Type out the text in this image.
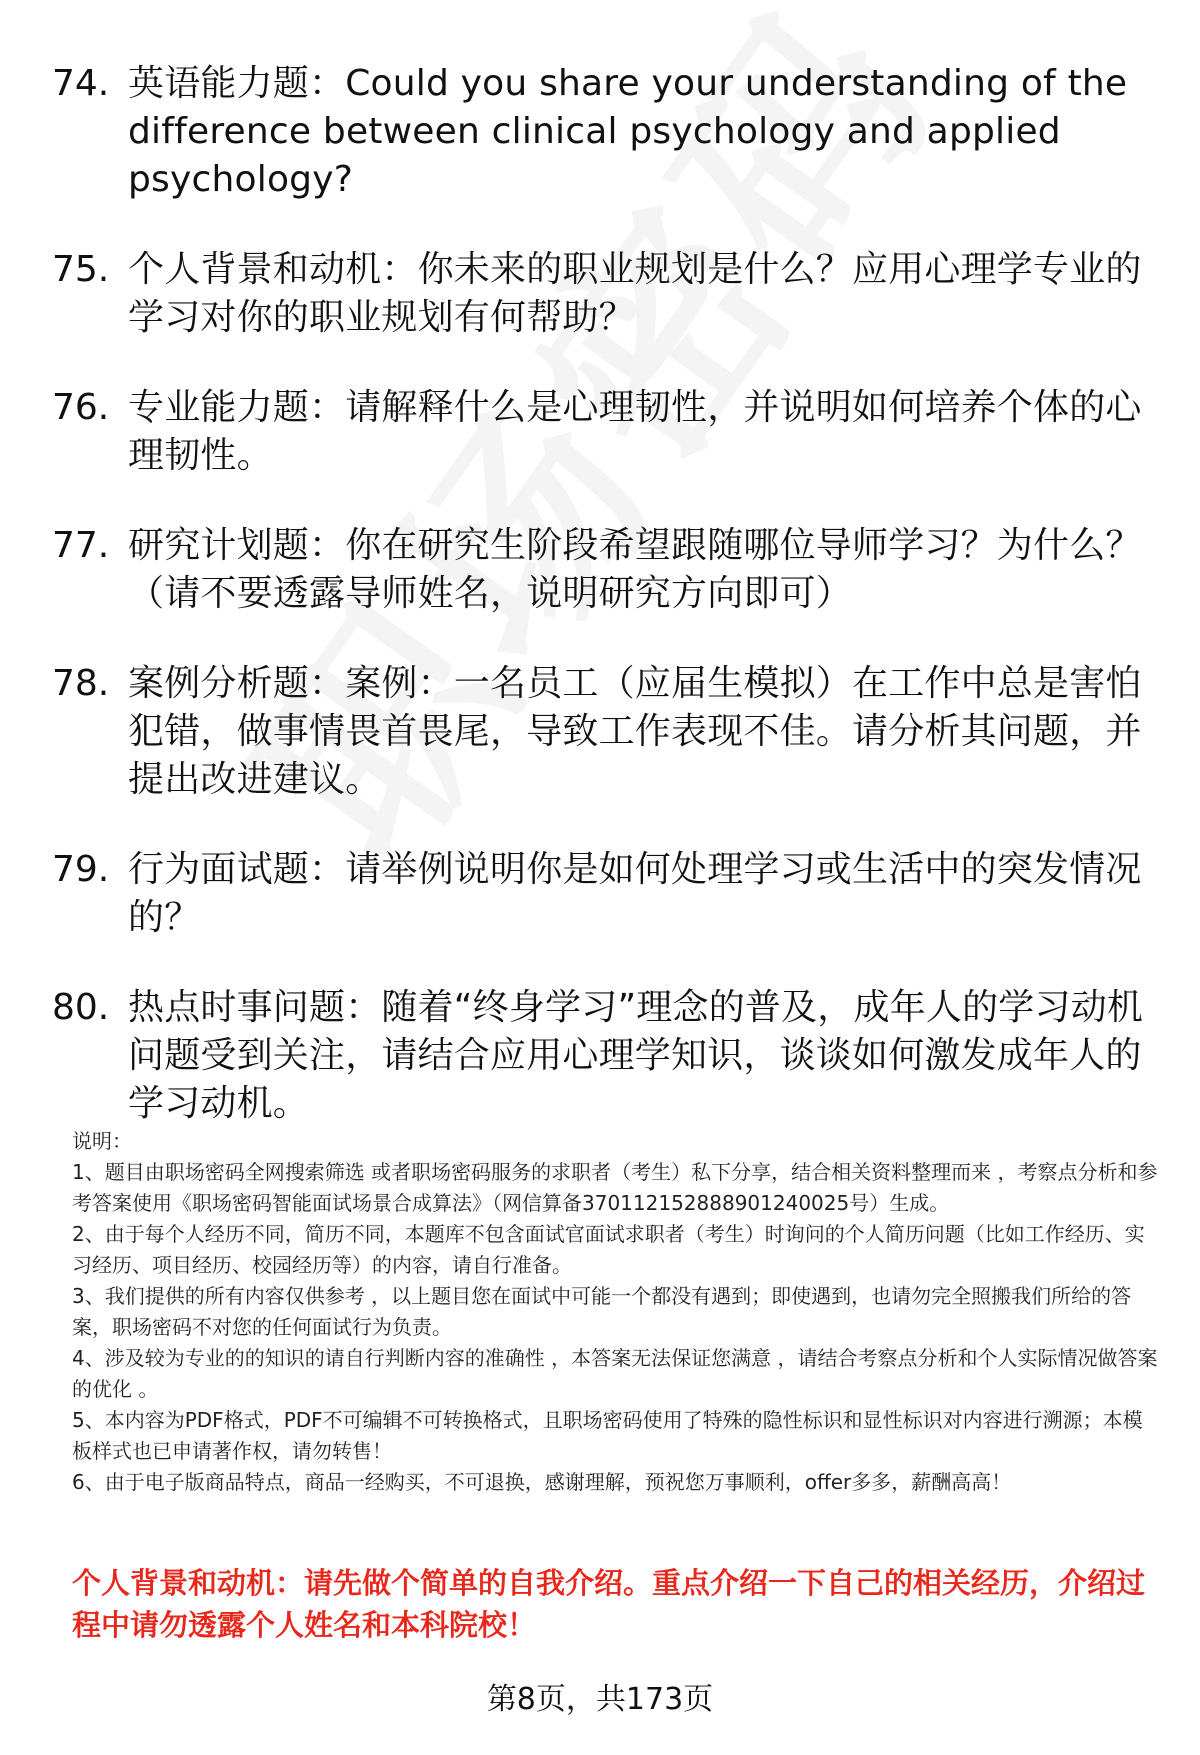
74. 英语能力题：Could you share your understanding of the difference between clinical psychology and applied psychology?
75. 个人背景和动机：你未来的职业规划是什么？应用心理学专业的学习对你的职业规划有何帮助？
76. 专业能力题：请解释什么是心理韧性，并说明如何培养个体的心理韧性。
77. 研究计划题：你在研究生阶段希望跟随哪位导师学习？为什么？（请不要透露导师姓名，说明研究方向即可）
78. 案例分析题：案例：一名员工（应届生模拟）在工作中总是害怕犯错，做事情畏首畏尾，导致工作表现不佳。请分析其问题，并提出改进建议。
79. 行为面试题：请举例说明你是如何处理学习或生活中的突发情况的？
80. 热点时事问题：随着“终身学习”理念的普及，成年人的学习动机问题受到关注，请结合应用心理学知识，谈谈如何激发成年人的学习动机。

说明：

1、题目由职场密码全网搜索筛选 或者职场密码服务的求职者（考生）私下分享，结合相关资料整理而来 ，考察点分析和参考答案使用《职场密码智能面试场景合成算法》（网信算备370112152888901240025号）生成。

2、由于每个人经历不同，简历不同，本题库不包含面试官面试求职者（考生）时询问的个人简历问题（比如工作经历、实习经历、项目经历、校园经历等）的内容，请自行准备。

3、我们提供的所有内容仅供参考 ，以上题目您在面试中可能一个都没有遇到；即使遇到，也请勿完全照搬我们所给的答案，职场密码不对您的任何面试行为负责。

4、涉及较为专业的的知识的请自行判断内容的准确性 ，本答案无法保证您满意 ，请结合考察点分析和个人实际情况做答案的优化 。

5、本内容为PDF格式，PDF不可编辑不可转换格式，且职场密码使用了特殊的隐性标识和显性标识对内容进行溯源；本模板样式也已申请著作权，请勿转售！

6、由于电子版商品特点，商品一经购买，不可退换，感谢理解，预祝您万事顺利，offer多多，薪酬高高！

个人背景和动机：请先做个简单的自我介绍。重点介绍一下自己的相关经历，介绍过程中请勿透露个人姓名和本科院校！
第8页，共173页
